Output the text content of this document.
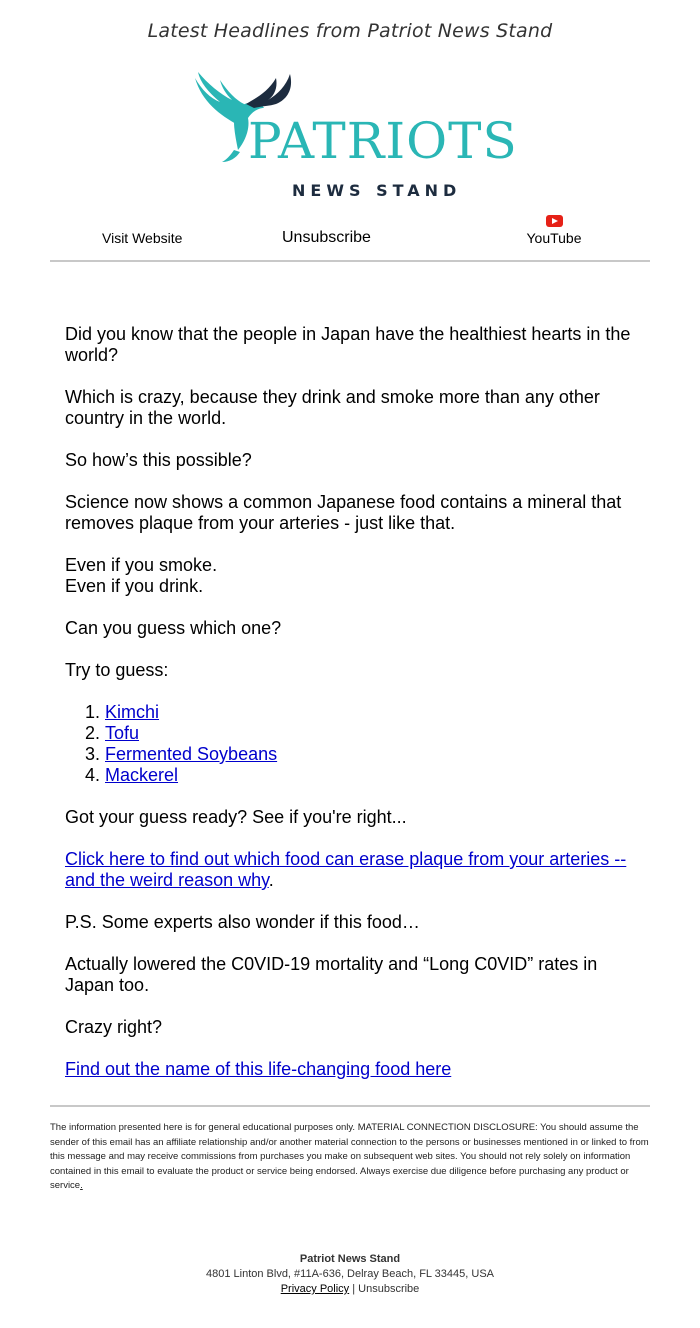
Latest Headlines from Patriot News Stand
PATRIOTS
NEWS STAND
Visit Website	Unsubscribe	YouTube

Did you know that the people in Japan have the healthiest hearts in the world?

Which is crazy, because they drink and smoke more than any other country in the world.

So how’s this possible?

Science now shows a common Japanese food contains a mineral that removes plaque from your arteries - just like that.

Even if you smoke.
Even if you drink.

Can you guess which one?

Try to guess:

1. Kimchi
2. Tofu
3. Fermented Soybeans
4. Mackerel

Got your guess ready? See if you're right...

Click here to find out which food can erase plaque from your arteries -- and the weird reason why.

P.S. Some experts also wonder if this food…

Actually lowered the C0VID-19 mortality and “Long C0VID” rates in Japan too.

Crazy right?

Find out the name of this life-changing food here

The information presented here is for general educational purposes only. MATERIAL CONNECTION DISCLOSURE: You should assume the sender of this email has an affiliate relationship and/or another material connection to the persons or businesses mentioned in or linked to from this message and may receive commissions from purchases you make on subsequent web sites. You should not rely solely on information contained in this email to evaluate the product or service being endorsed. Always exercise due diligence before purchasing any product or service.
Patriot News Stand
4801 Linton Blvd, #11A-636, Delray Beach, FL 33445, USA
Privacy Policy | Unsubscribe
